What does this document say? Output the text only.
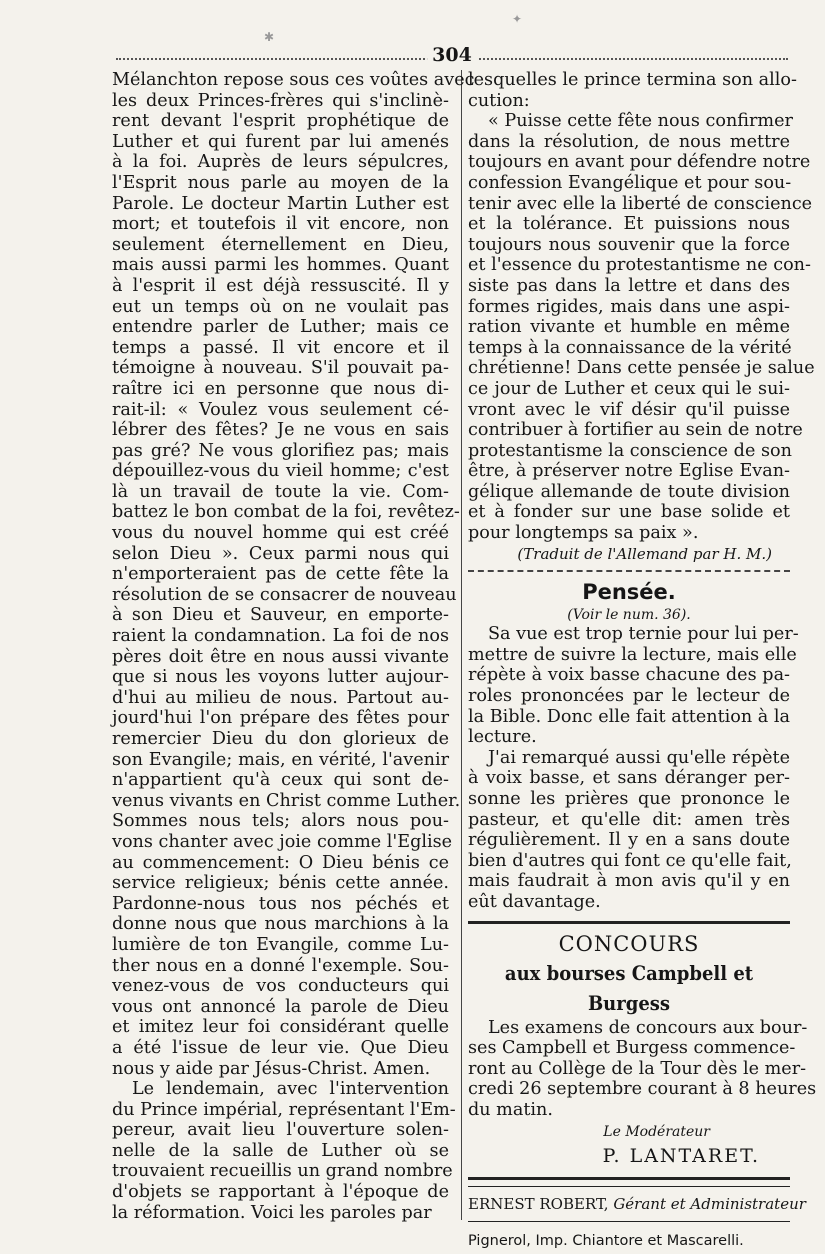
✱
✦
304
Mélanchton repose sous ces voûtes avec
les deux Princes-frères qui s'inclinè-
rent devant l'esprit prophétique de
Luther et qui furent par lui amenés
à la foi. Auprès de leurs sépulcres,
l'Esprit nous parle au moyen de la
Parole. Le docteur Martin Luther est
mort; et toutefois il vit encore, non
seulement éternellement en Dieu,
mais aussi parmi les hommes. Quant
à l'esprit il est déjà ressuscité. Il y
eut un temps où on ne voulait pas
entendre parler de Luther; mais ce
temps a passé. Il vit encore et il
témoigne à nouveau. S'il pouvait pa-
raître ici en personne que nous di-
rait-il: « Voulez vous seulement cé-
lébrer des fêtes? Je ne vous en sais
pas gré? Ne vous glorifiez pas; mais
dépouillez-vous du vieil homme; c'est
là un travail de toute la vie. Com-
battez le bon combat de la foi, revêtez-
vous du nouvel homme qui est créé
selon Dieu ». Ceux parmi nous qui
n'emporteraient pas de cette fête la
résolution de se consacrer de nouveau
à son Dieu et Sauveur, en emporte-
raient la condamnation. La foi de nos
pères doit être en nous aussi vivante
que si nous les voyons lutter aujour-
d'hui au milieu de nous. Partout au-
jourd'hui l'on prépare des fêtes pour
remercier Dieu du don glorieux de
son Evangile; mais, en vérité, l'avenir
n'appartient qu'à ceux qui sont de-
venus vivants en Christ comme Luther.
Sommes nous tels; alors nous pou-
vons chanter avec joie comme l'Eglise
au commencement: O Dieu bénis ce
service religieux; bénis cette année.
Pardonne-nous tous nos péchés et
donne nous que nous marchions à la
lumière de ton Evangile, comme Lu-
ther nous en a donné l'exemple. Sou-
venez-vous de vos conducteurs qui
vous ont annoncé la parole de Dieu
et imitez leur foi considérant quelle
a été l'issue de leur vie. Que Dieu
nous y aide par Jésus-Christ. Amen.
Le lendemain, avec l'intervention
du Prince impérial, représentant l'Em-
pereur, avait lieu l'ouverture solen-
nelle de la salle de Luther où se
trouvaient recueillis un grand nombre
d'objets se rapportant à l'époque de
la réformation. Voici les paroles par
lesquelles le prince termina son allo-
cution:
« Puisse cette fête nous confirmer
dans la résolution, de nous mettre
toujours en avant pour défendre notre
confession Evangélique et pour sou-
tenir avec elle la liberté de conscience
et la tolérance. Et puissions nous
toujours nous souvenir que la force
et l'essence du protestantisme ne con-
siste pas dans la lettre et dans des
formes rigides, mais dans une aspi-
ration vivante et humble en même
temps à la connaissance de la vérité
chrétienne! Dans cette pensée je salue
ce jour de Luther et ceux qui le sui-
vront avec le vif désir qu'il puisse
contribuer à fortifier au sein de notre
protestantisme la conscience de son
être, à préserver notre Eglise Evan-
gélique allemande de toute division
et à fonder sur une base solide et
pour longtemps sa paix ».
(Traduit de l'Allemand par H. M.)
Pensée.
(Voir le num. 36).
Sa vue est trop ternie pour lui per-
mettre de suivre la lecture, mais elle
répète à voix basse chacune des pa-
roles prononcées par le lecteur de
la Bible. Donc elle fait attention à la
lecture.
J'ai remarqué aussi qu'elle répète
à voix basse, et sans déranger per-
sonne les prières que prononce le
pasteur, et qu'elle dit: amen très
régulièrement. Il y en a sans doute
bien d'autres qui font ce qu'elle fait,
mais faudrait à mon avis qu'il y en
eût davantage.
CONCOURS
aux bourses Campbell et Burgess
Les examens de concours aux bour-
ses Campbell et Burgess commence-
ront au Collège de la Tour dès le mer-
credi 26 septembre courant à 8 heures
du matin.
Le Modérateur
P. LANTARET.
ERNEST ROBERT, Gérant et Administrateur
Pignerol, Imp. Chiantore et Mascarelli.
